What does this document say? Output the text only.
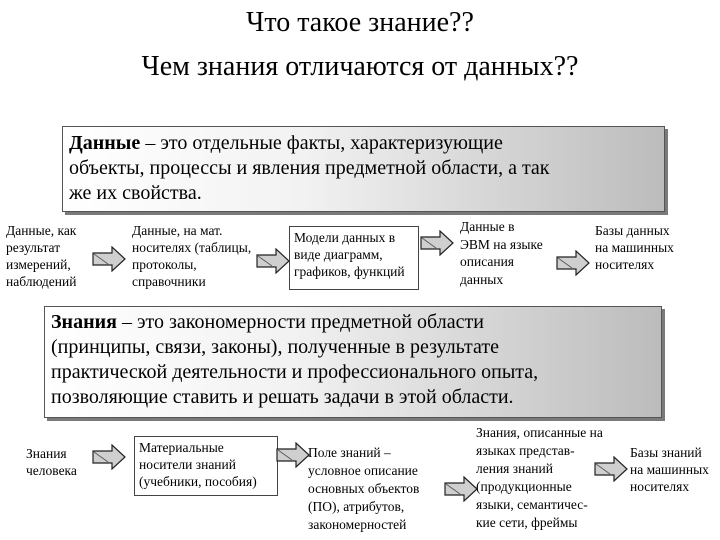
Что такое знание??
Чем знания отличаются от данных??
Данные – это отдельные факты, характеризующие
объекты, процессы и явления предметной области, а так
же их свойства.
Данные, как
результат
измерений,
наблюдений
Данные, на мат.
носителях (таблицы,
протоколы,
справочники
Модели данных в
виде диаграмм,
графиков, функций
Данные в
ЭВМ на языке
описания
данных
Базы данных
на машинных
носителях
Знания – это закономерности предметной области
(принципы, связи, законы), полученные в результате
практической деятельности и профессионального опыта,
позволяющие ставить и решать задачи в этой области.
Знания
человека
Материальные
носители знаний
(учебники, пособия)
Поле знаний –
условное описание
основных объектов
(ПО), атрибутов,
закономерностей
Знания, описанные на
языках представ-
ления знаний
(продукционные
языки, семантичес-
кие сети, фреймы
Базы знаний
на машинных
носителях
